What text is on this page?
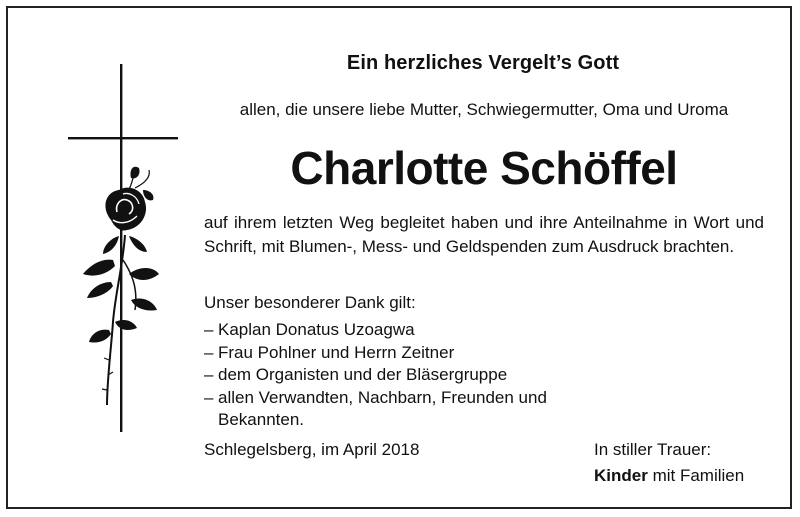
Ein herzliches Vergelt’s Gott
allen, die unsere liebe Mutter, Schwiegermutter, Oma und Uroma
Charlotte Schöffel

auf ihrem letzten Weg begleitet haben und ihre Anteilnahme in Wort und Schrift, mit Blumen-, Mess- und Geldspenden zum Ausdruck brachten.

Unser besonderer Dank gilt:
– Kaplan Donatus Uzoagwa
– Frau Pohlner und Herrn Zeitner
– dem Organisten und der Bläsergruppe
– allen Verwandten, Nachbarn, Freunden und Bekannten.
Schlegelsberg, im April 2018	In stiller Trauer:
Kinder mit Familien
